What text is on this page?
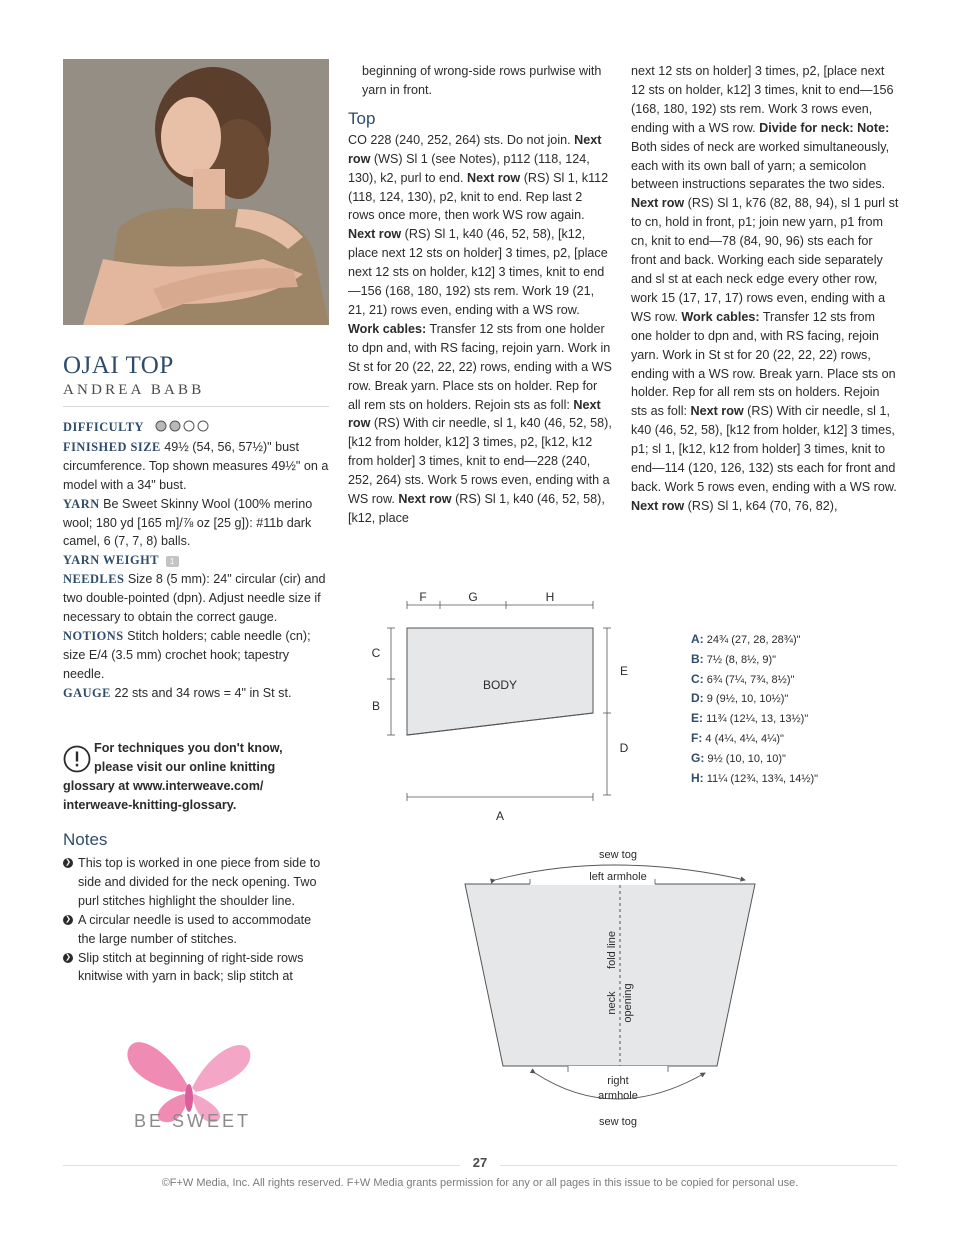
OJAI TOP
ANDREA BABB
DIFFICULTY
FINISHED SIZE 49½ (54, 56, 57½)" bust circumference. Top shown measures 49½" on a model with a 34" bust.
YARN Be Sweet Skinny Wool (100% merino wool; 180 yd [165 m]/⅞ oz [25 g]): #11b dark camel, 6 (7, 7, 8) balls.
YARN WEIGHT 1
NEEDLES Size 8 (5 mm): 24" circular (cir) and two double-pointed (dpn). Adjust needle size if necessary to obtain the correct gauge.
NOTIONS Stitch holders; cable needle (cn); size E/4 (3.5 mm) crochet hook; tapestry needle.
GAUGE 22 sts and 34 rows = 4" in St st.
For techniques you don't know,
please visit our online knitting
glossary at www.interweave.com/
interweave-knitting-glossary.
Notes
❯ This top is worked in one piece from side to side and divided for the neck opening. Two purl stitches highlight the shoulder line.
❯ A circular needle is used to accommodate the large number of stitches.
❯ Slip stitch at beginning of right-side rows knitwise with yarn in back; slip stitch at
BE SWEET
beginning of wrong-side rows purlwise with yarn in front.
Top
CO 228 (240, 252, 264) sts. Do not join. Next row (WS) Sl 1 (see Notes), p112 (118, 124, 130), k2, purl to end. Next row (RS) Sl 1, k112 (118, 124, 130), p2, knit to end. Rep last 2 rows once more, then work WS row again. Next row (RS) Sl 1, k40 (46, 52, 58), [k12, place next 12 sts on holder] 3 times, p2, [place next 12 sts on holder, k12] 3 times, knit to end—156 (168, 180, 192) sts rem. Work 19 (21, 21, 21) rows even, ending with a WS row. Work cables: Transfer 12 sts from one holder to dpn and, with RS facing, rejoin yarn. Work in St st for 20 (22, 22, 22) rows, ending with a WS row. Break yarn. Place sts on holder. Rep for all rem sts on holders. Rejoin sts as foll: Next row (RS) With cir needle, sl 1, k40 (46, 52, 58), [k12 from holder, k12] 3 times, p2, [k12, k12 from holder] 3 times, knit to end—228 (240, 252, 264) sts. Work 5 rows even, ending with a WS row. Next row (RS) Sl 1, k40 (46, 52, 58), [k12, place
next 12 sts on holder] 3 times, p2, [place next 12 sts on holder, k12] 3 times, knit to end—156 (168, 180, 192) sts rem. Work 3 rows even, ending with a WS row. Divide for neck: Note: Both sides of neck are worked simultaneously, each with its own ball of yarn; a semicolon between instructions separates the two sides. Next row (RS) Sl 1, k76 (82, 88, 94), sl 1 purl st to cn, hold in front, p1; join new yarn, p1 from cn, knit to end—78 (84, 90, 96) sts each for front and back. Working each side separately and sl st at each neck edge every other row, work 15 (17, 17, 17) rows even, ending with a WS row. Work cables: Transfer 12 sts from one holder to dpn and, with RS facing, rejoin yarn. Work in St st for 20 (22, 22, 22) rows, ending with a WS row. Break yarn. Place sts on holder. Rep for all rem sts on holders. Rejoin sts as foll: Next row (RS) With cir needle, sl 1, k40 (46, 52, 58), [k12 from holder, k12] 3 times, p1; sl 1, [k12, k12 from holder] 3 times, knit to end—114 (120, 126, 132) sts each for front and back. Work 5 rows even, ending with a WS row. Next row (RS) Sl 1, k64 (70, 76, 82),
F	G	H
C
B
E
D
A
BODY
A: 24¾ (27, 28, 28¾)"
B: 7½ (8, 8½, 9)"
C: 6¾ (7¼, 7¾, 8½)"
D: 9 (9½, 10, 10½)"
E: 11¾ (12¼, 13, 13½)"
F: 4 (4¼, 4¼, 4¼)"
G: 9½ (10, 10, 10)"
H: 11¼ (12¾, 13¾, 14½)"
sew tog
left armhole
fold line
neck opening
right
armhole
sew tog
27
©F+W Media, Inc. All rights reserved. F+W Media grants permission for any or all pages in this issue to be copied for personal use.
